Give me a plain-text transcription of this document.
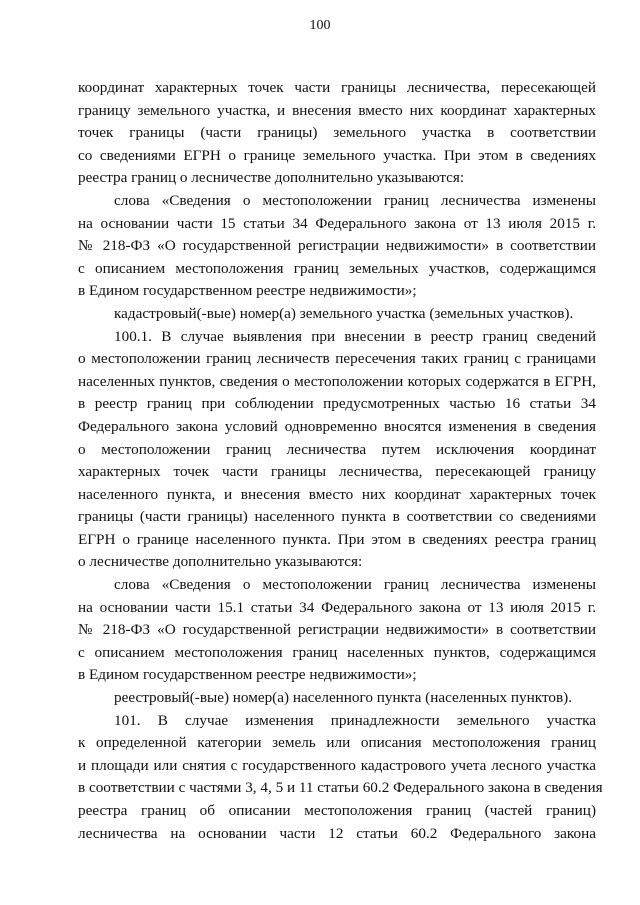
100
координат характерных точек части границы лесничества, пересекающей
границу земельного участка, и внесения вместо них координат характерных
точек границы (части границы) земельного участка в соответствии
со сведениями ЕГРН о границе земельного участка. При этом в сведениях
реестра границ о лесничестве дополнительно указываются:
слова «Сведения о местоположении границ лесничества изменены
на основании части 15 статьи 34 Федерального закона от 13 июля 2015 г.
№ 218-ФЗ «О государственной регистрации недвижимости» в соответствии
с описанием местоположения границ земельных участков, содержащимся
в Едином государственном реестре недвижимости»;
кадастровый(-вые) номер(а) земельного участка (земельных участков).
100.1. В случае выявления при внесении в реестр границ сведений
о местоположении границ лесничеств пересечения таких границ с границами
населенных пунктов, сведения о местоположении которых содержатся в ЕГРН,
в реестр границ при соблюдении предусмотренных частью 16 статьи 34
Федерального закона условий одновременно вносятся изменения в сведения
о местоположении границ лесничества путем исключения координат
характерных точек части границы лесничества, пересекающей границу
населенного пункта, и внесения вместо них координат характерных точек
границы (части границы) населенного пункта в соответствии со сведениями
ЕГРН о границе населенного пункта. При этом в сведениях реестра границ
о лесничестве дополнительно указываются:
слова «Сведения о местоположении границ лесничества изменены
на основании части 15.1 статьи 34 Федерального закона от 13 июля 2015 г.
№ 218-ФЗ «О государственной регистрации недвижимости» в соответствии
с описанием местоположения границ населенных пунктов, содержащимся
в Едином государственном реестре недвижимости»;
реестровый(-вые) номер(а) населенного пункта (населенных пунктов).
101. В случае изменения принадлежности земельного участка
к определенной категории земель или описания местоположения границ
и площади или снятия с государственного кадастрового учета лесного участка
в соответствии с частями 3, 4, 5 и 11 статьи 60.2 Федерального закона в сведения
реестра границ об описании местоположения границ (частей границ)
лесничества на основании части 12 статьи 60.2 Федерального закона
